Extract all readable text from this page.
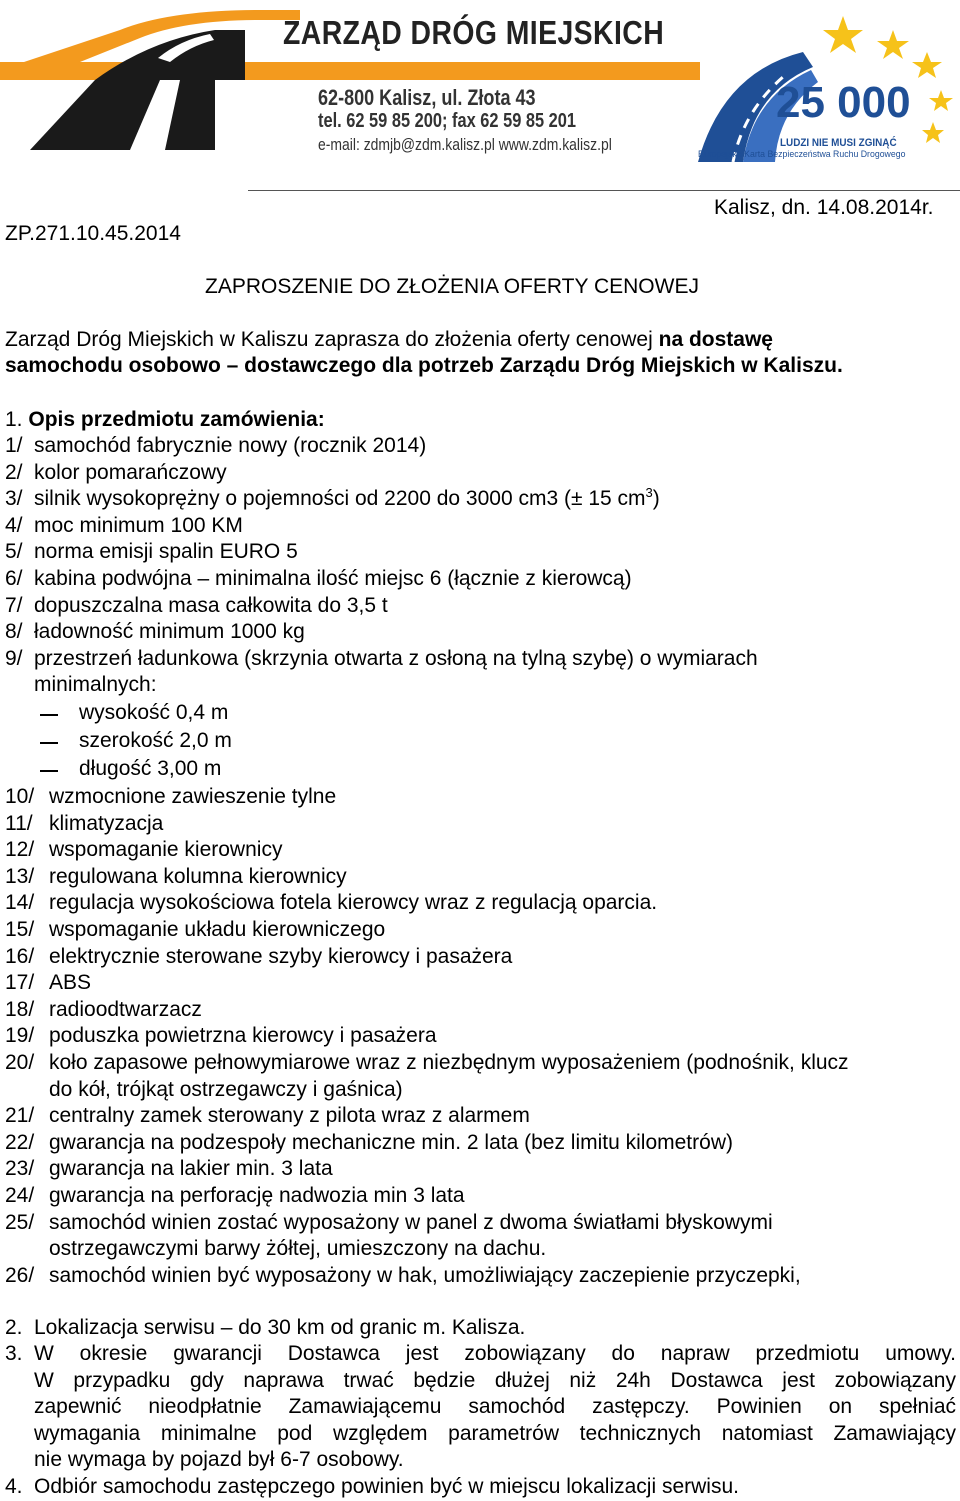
ZARZĄD DRÓG MIEJSKICH
62-800 Kalisz, ul. Złota 43
tel. 62 59 85 200; fax 62 59 85 201
e-mail: zdmjb@zdm.kalisz.pl www.zdm.kalisz.pl
25 000
LUDZI NIE MUSI ZGINĄĆ
Europejska Karta Bezpieczeństwa Ruchu Drogowego
Kalisz, dn. 14.08.2014r.
ZP.271.10.45.2014
ZAPROSZENIE DO ZŁOŻENIA OFERTY CENOWEJ
Zarząd Dróg Miejskich w Kaliszu zaprasza do złożenia oferty cenowej na dostawę
samochodu osobowo – dostawczego dla potrzeb Zarządu Dróg Miejskich w Kaliszu.
1. Opis przedmiotu zamówienia:
2. Lokalizacja serwisu – do 30 km od granic m. Kalisza.
3.
4. Odbiór samochodu zastępczego powinien być w miejscu lokalizacji serwisu.
1/ samochód fabrycznie nowy (rocznik 2014)
2/ kolor pomarańczowy
3/ silnik wysokoprężny o pojemności od 2200 do 3000 cm3 (± 15 $cm^3$)
4/ moc minimum 100 KM
5/ norma emisji spalin EURO 5
6/ kabina podwójna – minimalna ilość miejsc 6 (łącznie z kierowcą)
7/ dopuszczalna masa całkowita do 3,5 t
8/ ładowność minimum 1000 kg
9/ przestrzeń ładunkowa (skrzynia otwarta z osłoną na tylną szybę) o wymiarach
minimalnych:
wysokość 0,4 m
szerokość 2,0 m
długość 3,00 m
10/ wzmocnione zawieszenie tylne
11/ klimatyzacja
12/ wspomaganie kierownicy
13/ regulowana kolumna kierownicy
14/ regulacja wysokościowa fotela kierowcy wraz z regulacją oparcia.
15/ wspomaganie układu kierowniczego
16/ elektrycznie sterowane szyby kierowcy i pasażera
17/ ABS
18/ radioodtwarzacz
19/ poduszka powietrzna kierowcy i pasażera
20/ koło zapasowe pełnowymiarowe wraz z niezbędnym wyposażeniem (podnośnik, klucz
do kół, trójkąt ostrzegawczy i gaśnica)
21/ centralny zamek sterowany z pilota wraz z alarmem
22/ gwarancja na podzespoły mechaniczne min. 2 lata (bez limitu kilometrów)
23/ gwarancja na lakier min. 3 lata
24/ gwarancja na perforację nadwozia min 3 lata
25/ samochód winien zostać wyposażony w panel z dwoma światłami błyskowymi
ostrzegawczymi barwy żółtej, umieszczony na dachu.
26/ samochód winien być wyposażony w hak, umożliwiający zaczepienie przyczepki,
W okresie gwarancji Dostawca jest zobowiązany do napraw przedmiotu umowy.
W przypadku gdy naprawa trwać będzie dłużej niż 24h Dostawca jest zobowiązany
zapewnić nieodpłatnie Zamawiającemu samochód zastępczy. Powinien on spełniać
wymagania minimalne pod względem parametrów technicznych natomiast Zamawiający
nie wymaga by pojazd był 6-7 osobowy.
